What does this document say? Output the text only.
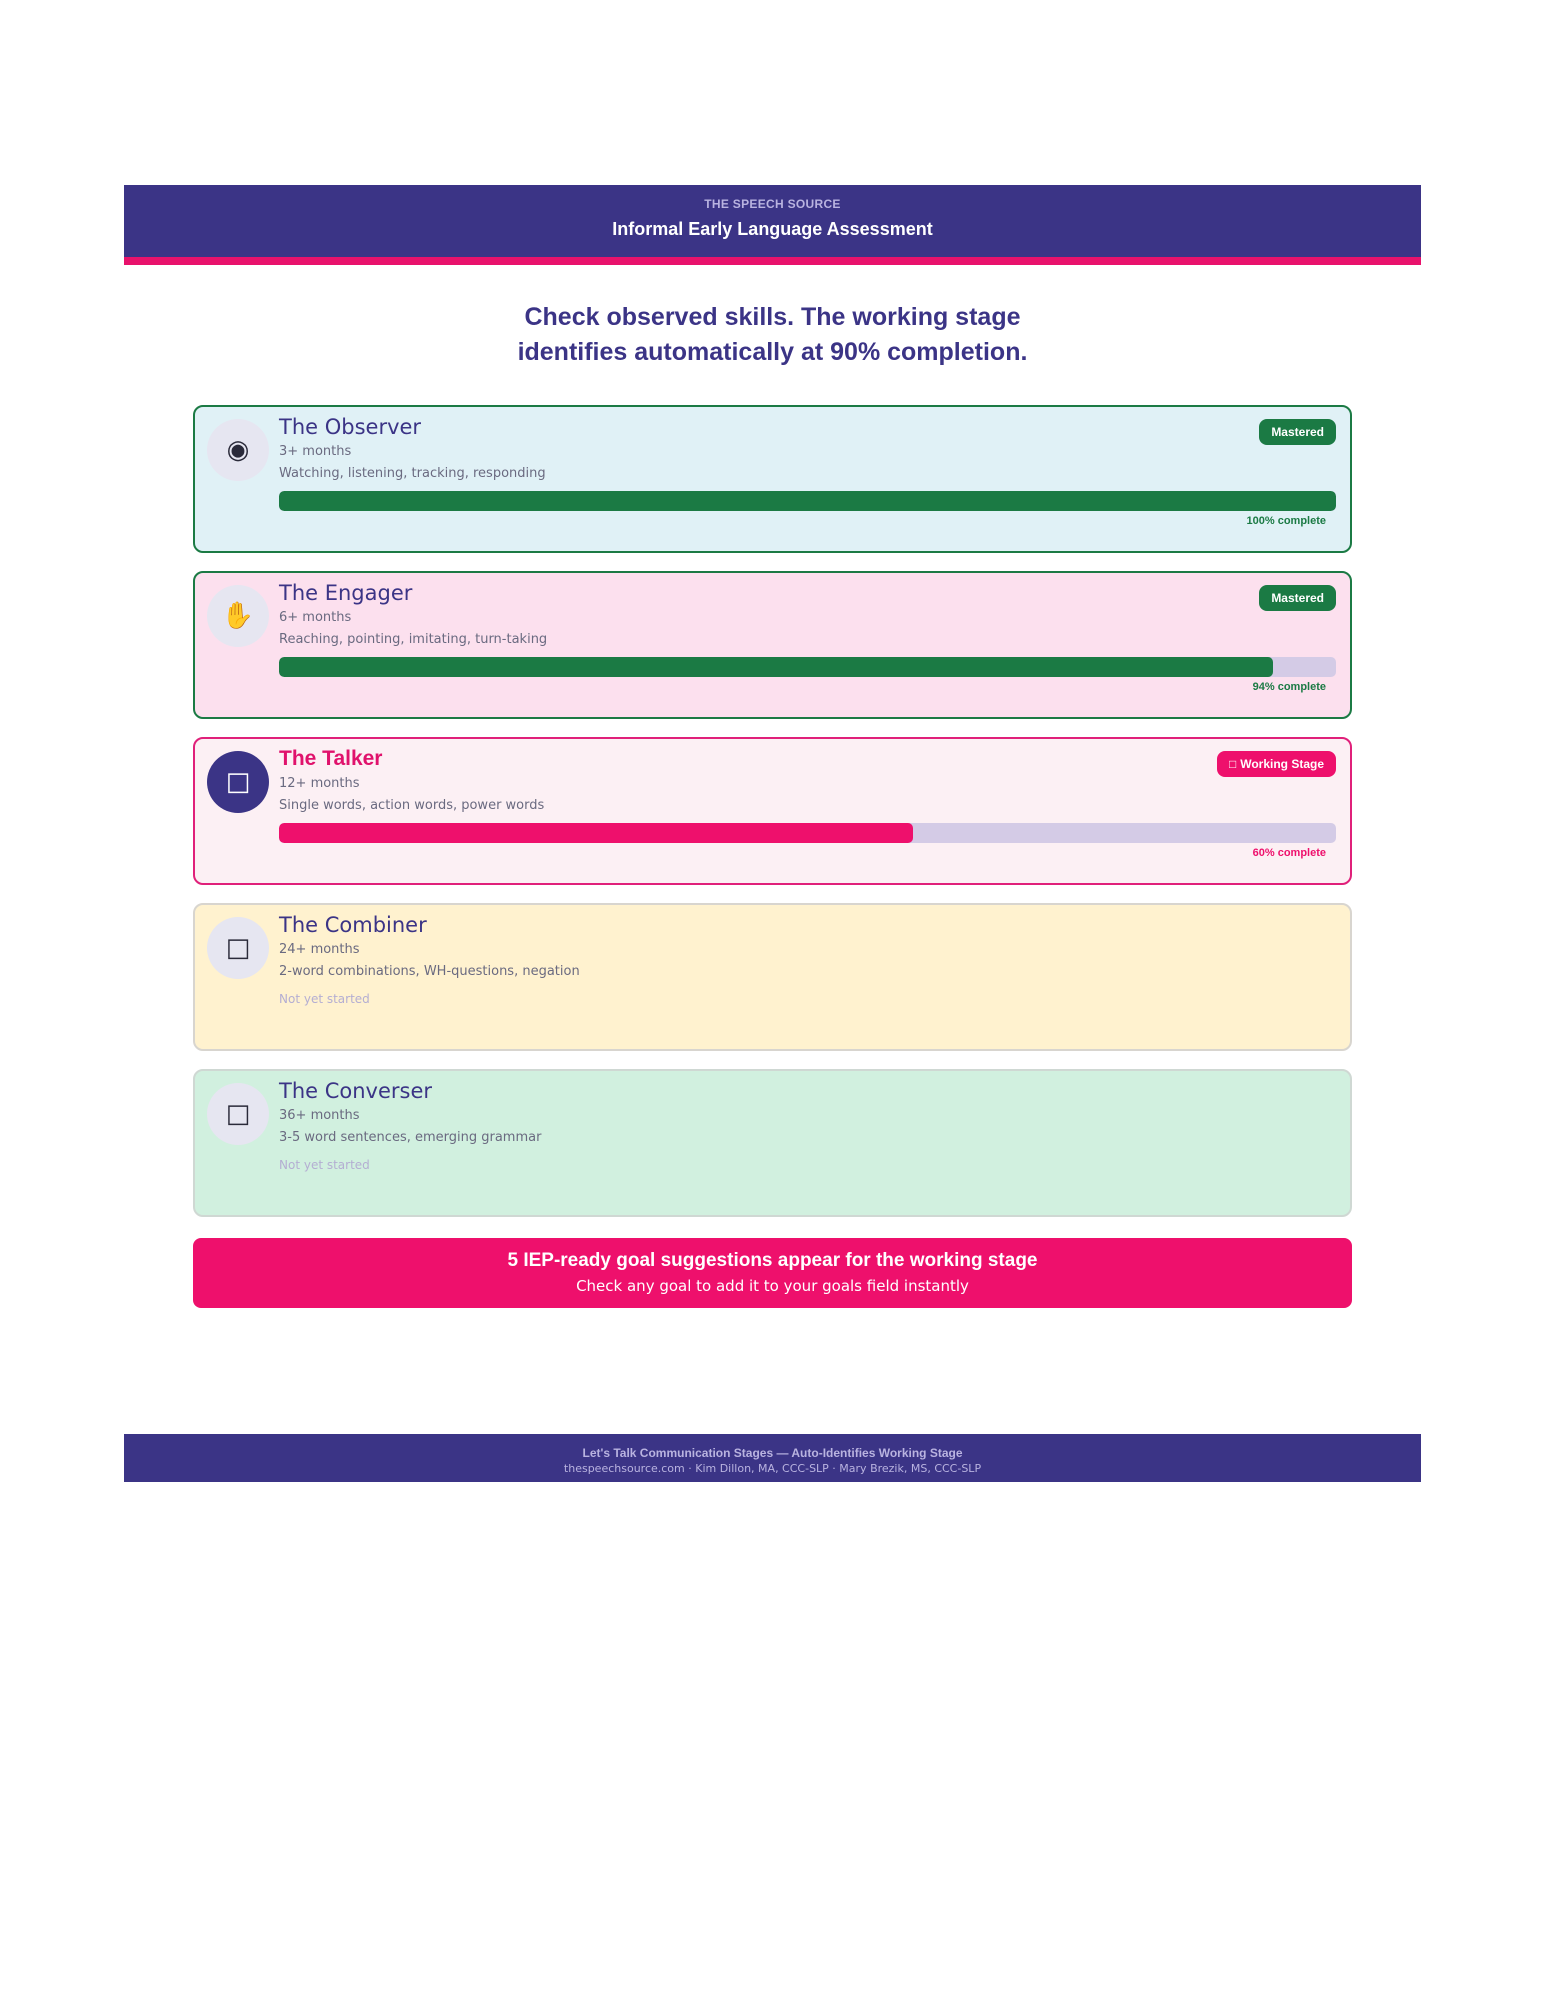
THE SPEECH SOURCE
Informal Early Language Assessment
Check observed skills. The working stage
identifies automatically at 90% completion.
◉
The Observer
3+ months
Watching, listening, tracking, responding
Mastered
100% complete
✋
The Engager
6+ months
Reaching, pointing, imitating, turn-taking
Mastered
94% complete
□
The Talker
12+ months
Single words, action words, power words
□ Working Stage
60% complete
□
The Combiner
24+ months
2-word combinations, WH-questions, negation
Not yet started
□
The Converser
36+ months
3-5 word sentences, emerging grammar
Not yet started
5 IEP-ready goal suggestions appear for the working stage
Check any goal to add it to your goals field instantly
Let's Talk Communication Stages — Auto-Identifies Working Stage
thespeechsource.com · Kim Dillon, MA, CCC-SLP · Mary Brezik, MS, CCC-SLP
